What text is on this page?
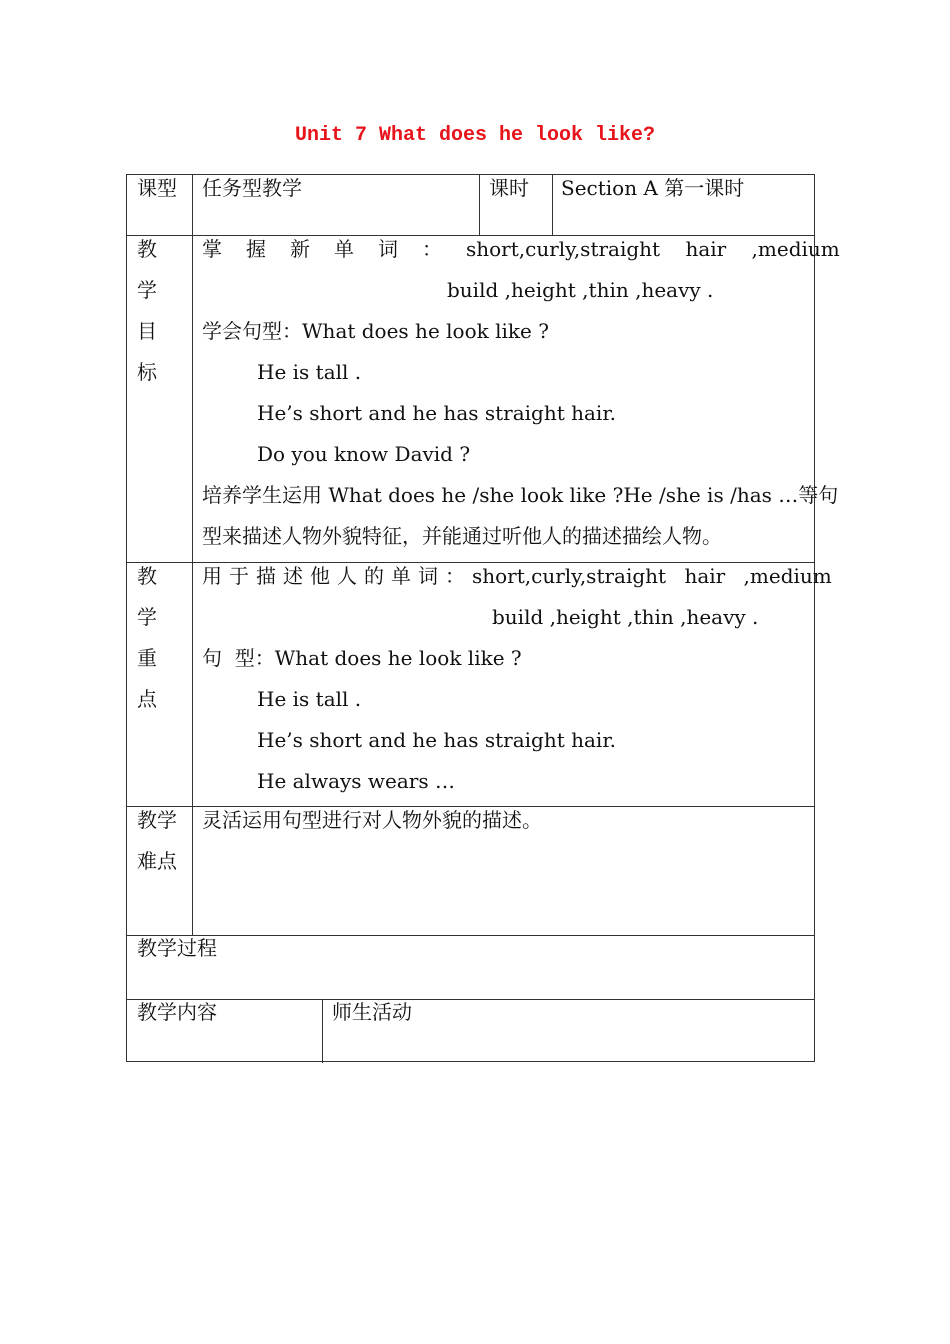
Unit 7 What does he look like?
课型 任务型教学	课时 Section A 第一课时
教
学
目
标
掌握新单词： short,curly,straight hair ,medium
build ,height ,thin ,heavy .
学会句型：What does he look like ?
He is tall .
He’s short and he has straight hair.
Do you know David ?
培养学生运用 What does he /she look like ?He /she is /has …等句
型来描述人物外貌特征，并能通过听他人的描述描绘人物。
教
学
重
点
用于描述他人的单词： short,curly,straight hair ,medium
build ,height ,thin ,heavy .
句  型：What does he look like ?
He is tall .
He’s short and he has straight hair.
He always wears …
教学
难点
灵活运用句型进行对人物外貌的描述。
教学过程
教学内容	师生活动
